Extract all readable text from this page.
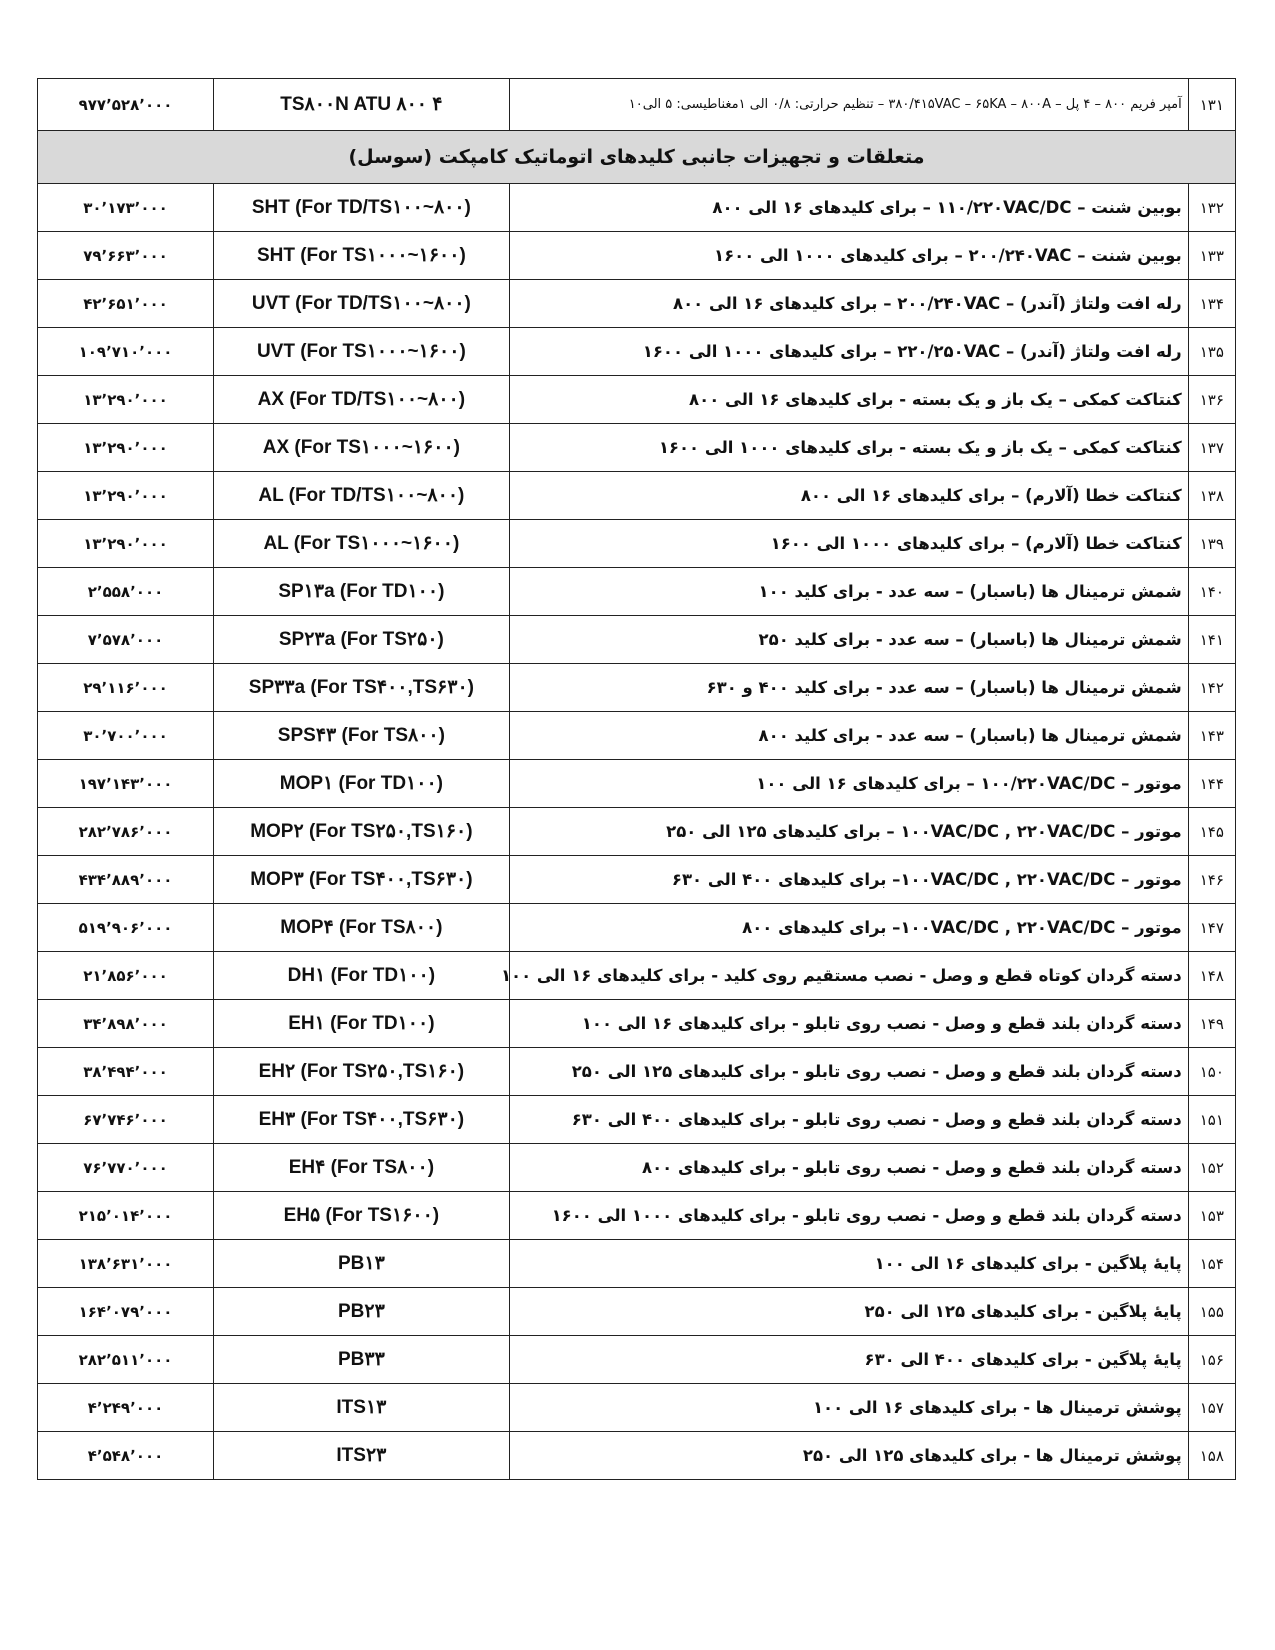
۹۷۷٬۵۲۸٬۰۰۰	TS۸۰۰N ATU ۸۰۰ ۴	آمپر فریم ۸۰۰ – ۴ پل – ۳۸۰/۴۱۵VAC – ۶۵KA – ۸۰۰A – تنظیم حرارتی: ۰/۸ الی ۱مغناطیسی: ۵ الی۱۰	۱۳۱
متعلقات و تجهیزات جانبی کلیدهای اتوماتیک کامپکت (سوسل)			
۳۰٬۱۷۳٬۰۰۰	SHT (For TD/TS۱۰۰~۸۰۰)	بوبین شنت – ۱۱۰/۲۲۰VAC/DC – برای کلیدهای ۱۶ الی ۸۰۰	۱۳۲
۷۹٬۶۶۳٬۰۰۰	SHT (For TS۱۰۰۰~۱۶۰۰)	بوبین شنت – ۲۰۰/۲۴۰VAC – برای کلیدهای ۱۰۰۰ الی ۱۶۰۰	۱۳۳
۴۲٬۶۵۱٬۰۰۰	UVT (For TD/TS۱۰۰~۸۰۰)	رله افت ولتاژ (آندر) – ۲۰۰/۲۴۰VAC – برای کلیدهای ۱۶ الی ۸۰۰	۱۳۴
۱۰۹٬۷۱۰٬۰۰۰	UVT (For TS۱۰۰۰~۱۶۰۰)	رله افت ولتاژ (آندر) – ۲۲۰/۲۵۰VAC – برای کلیدهای ۱۰۰۰ الی ۱۶۰۰	۱۳۵
۱۳٬۲۹۰٬۰۰۰	AX (For TD/TS۱۰۰~۸۰۰)	کنتاکت کمکی – یک باز و یک بسته - برای کلیدهای ۱۶ الی ۸۰۰	۱۳۶
۱۳٬۲۹۰٬۰۰۰	AX (For TS۱۰۰۰~۱۶۰۰)	کنتاکت کمکی – یک باز و یک بسته - برای کلیدهای ۱۰۰۰ الی ۱۶۰۰	۱۳۷
۱۳٬۲۹۰٬۰۰۰	AL (For TD/TS۱۰۰~۸۰۰)	کنتاکت خطا (آلارم) – برای کلیدهای ۱۶ الی ۸۰۰	۱۳۸
۱۳٬۲۹۰٬۰۰۰	AL (For TS۱۰۰۰~۱۶۰۰)	کنتاکت خطا (آلارم) – برای کلیدهای ۱۰۰۰ الی ۱۶۰۰	۱۳۹
۲٬۵۵۸٬۰۰۰	SP۱۳a (For TD۱۰۰)	شمش ترمینال ها (باسبار) – سه عدد - برای کلید ۱۰۰	۱۴۰
۷٬۵۷۸٬۰۰۰	SP۲۳a (For TS۲۵۰)	شمش ترمینال ها (باسبار) – سه عدد - برای کلید ۲۵۰	۱۴۱
۲۹٬۱۱۶٬۰۰۰	SP۳۳a (For TS۴۰۰,TS۶۳۰)	شمش ترمینال ها (باسبار) – سه عدد - برای کلید ۴۰۰ و ۶۳۰	۱۴۲
۳۰٬۷۰۰٬۰۰۰	SPS۴۳ (For TS۸۰۰)	شمش ترمینال ها (باسبار) – سه عدد - برای کلید ۸۰۰	۱۴۳
۱۹۷٬۱۴۳٬۰۰۰	MOP۱ (For TD۱۰۰)	موتور – ۱۰۰/۲۲۰VAC/DC – برای کلیدهای ۱۶ الی ۱۰۰	۱۴۴
۲۸۲٬۷۸۶٬۰۰۰	MOP۲ (For TS۲۵۰,TS۱۶۰)	موتور – ۱۰۰VAC/DC , ۲۲۰VAC/DC – برای کلیدهای ۱۲۵ الی ۲۵۰	۱۴۵
۴۳۴٬۸۸۹٬۰۰۰	MOP۳ (For TS۴۰۰,TS۶۳۰)	موتور – ۱۰۰VAC/DC , ۲۲۰VAC/DC– برای کلیدهای ۴۰۰ الی ۶۳۰	۱۴۶
۵۱۹٬۹۰۶٬۰۰۰	MOP۴ (For TS۸۰۰)	موتور – ۱۰۰VAC/DC , ۲۲۰VAC/DC– برای کلیدهای ۸۰۰	۱۴۷
۲۱٬۸۵۶٬۰۰۰	DH۱ (For TD۱۰۰)	دسته گردان کوتاه قطع و وصل - نصب مستقیم روی کلید - برای کلیدهای ۱۶ الی ۱۰۰	۱۴۸
۳۴٬۸۹۸٬۰۰۰	EH۱ (For TD۱۰۰)	دسته گردان بلند قطع و وصل - نصب روی تابلو - برای کلیدهای ۱۶ الی ۱۰۰	۱۴۹
۳۸٬۴۹۴٬۰۰۰	EH۲ (For TS۲۵۰,TS۱۶۰)	دسته گردان بلند قطع و وصل - نصب روی تابلو - برای کلیدهای ۱۲۵ الی ۲۵۰	۱۵۰
۶۷٬۷۴۶٬۰۰۰	EH۳ (For TS۴۰۰,TS۶۳۰)	دسته گردان بلند قطع و وصل - نصب روی تابلو - برای کلیدهای ۴۰۰ الی ۶۳۰	۱۵۱
۷۶٬۷۷۰٬۰۰۰	EH۴ (For TS۸۰۰)	دسته گردان بلند قطع و وصل - نصب روی تابلو - برای کلیدهای ۸۰۰	۱۵۲
۲۱۵٬۰۱۴٬۰۰۰	EH۵ (For TS۱۶۰۰)	دسته گردان بلند قطع و وصل - نصب روی تابلو - برای کلیدهای ۱۰۰۰ الی ۱۶۰۰	۱۵۳
۱۳۸٬۶۳۱٬۰۰۰	PB۱۳	پایهٔ پلاگین - برای کلیدهای ۱۶ الی ۱۰۰	۱۵۴
۱۶۴٬۰۷۹٬۰۰۰	PB۲۳	پایهٔ پلاگین - برای کلیدهای ۱۲۵ الی ۲۵۰	۱۵۵
۲۸۲٬۵۱۱٬۰۰۰	PB۳۳	پایهٔ پلاگین - برای کلیدهای ۴۰۰ الی ۶۳۰	۱۵۶
۴٬۲۴۹٬۰۰۰	ITS۱۳	پوشش ترمینال ها - برای کلیدهای ۱۶ الی ۱۰۰	۱۵۷
۴٬۵۴۸٬۰۰۰	ITS۲۳	پوشش ترمینال ها - برای کلیدهای ۱۲۵ الی ۲۵۰	۱۵۸
